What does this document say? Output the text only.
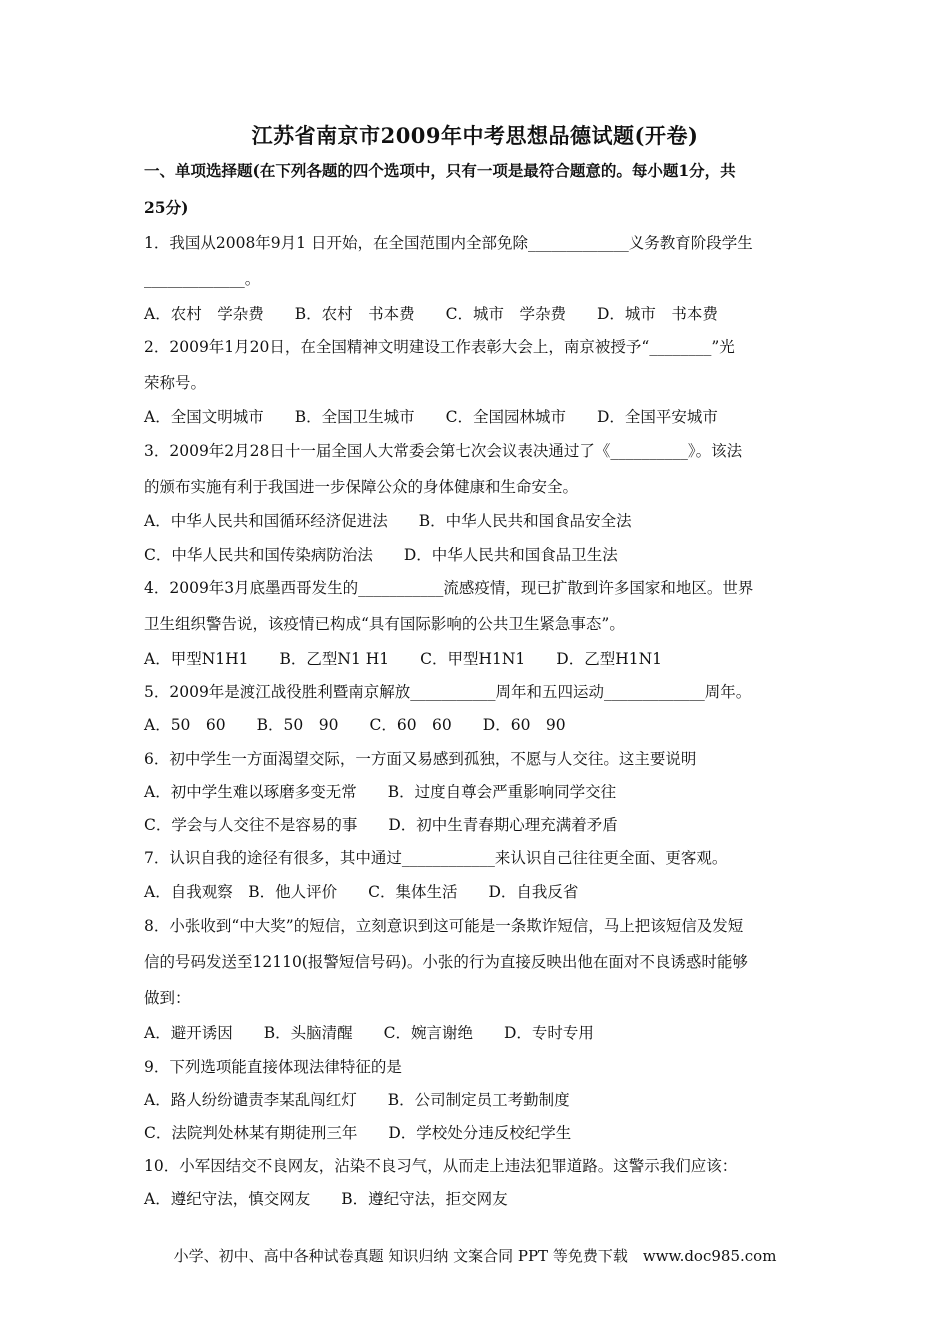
江苏省南京市2009年中考思想品德试题(开卷)
一、单项选择题(在下列各题的四个选项中，只有一项是最符合题意的。每小题1分，共
25分)
1．我国从2008年9月1 日开始，在全国范围内全部免除_____________义务教育阶段学生
_____________。
A．农村　学杂费　　B．农村　书本费　　C．城市　学杂费　　D．城市　书本费
2．2009年1月20日，在全国精神文明建设工作表彰大会上，南京被授予“________”光
荣称号。
A．全国文明城市　　B．全国卫生城市　　C．全国园林城市　　D．全国平安城市
3．2009年2月28日十一届全国人大常委会第七次会议表决通过了《__________》。该法
的颁布实施有利于我国进一步保障公众的身体健康和生命安全。
A．中华人民共和国循环经济促进法　　B．中华人民共和国食品安全法
C．中华人民共和国传染病防治法　　D．中华人民共和国食品卫生法
4．2009年3月底墨西哥发生的___________流感疫情，现已扩散到许多国家和地区。世界
卫生组织警告说，该疫情已构成“具有国际影响的公共卫生紧急事态”。
A．甲型N1H1　　B．乙型N1 H1　　C．甲型H1N1　　D．乙型H1N1
5．2009年是渡江战役胜利暨南京解放___________周年和五四运动_____________周年。
A．50　60　　B．50　90　　C．60　60　　D．60　90
6．初中学生一方面渴望交际，一方面又易感到孤独，不愿与人交往。这主要说明
A．初中学生难以琢磨多变无常　　B．过度自尊会严重影响同学交往
C．学会与人交往不是容易的事　　D．初中生青春期心理充满着矛盾
7．认识自我的途径有很多，其中通过____________来认识自己往往更全面、更客观。
A．自我观察　B．他人评价　　C．集体生活　　D．自我反省
8．小张收到“中大奖”的短信，立刻意识到这可能是一条欺诈短信，马上把该短信及发短
信的号码发送至12110(报警短信号码)。小张的行为直接反映出他在面对不良诱惑时能够
做到：
A．避开诱因　　B．头脑清醒　　C．婉言谢绝　　D．专时专用
9．下列选项能直接体现法律特征的是
A．路人纷纷谴责李某乱闯红灯　　B．公司制定员工考勤制度
C．法院判处林某有期徒刑三年　　D．学校处分违反校纪学生
10．小军因结交不良网友，沾染不良习气，从而走上违法犯罪道路。这警示我们应该：
A．遵纪守法，慎交网友　　B．遵纪守法，拒交网友
小学、初中、高中各种试卷真题 知识归纳 文案合同 PPT 等免费下载　www.doc985.com
